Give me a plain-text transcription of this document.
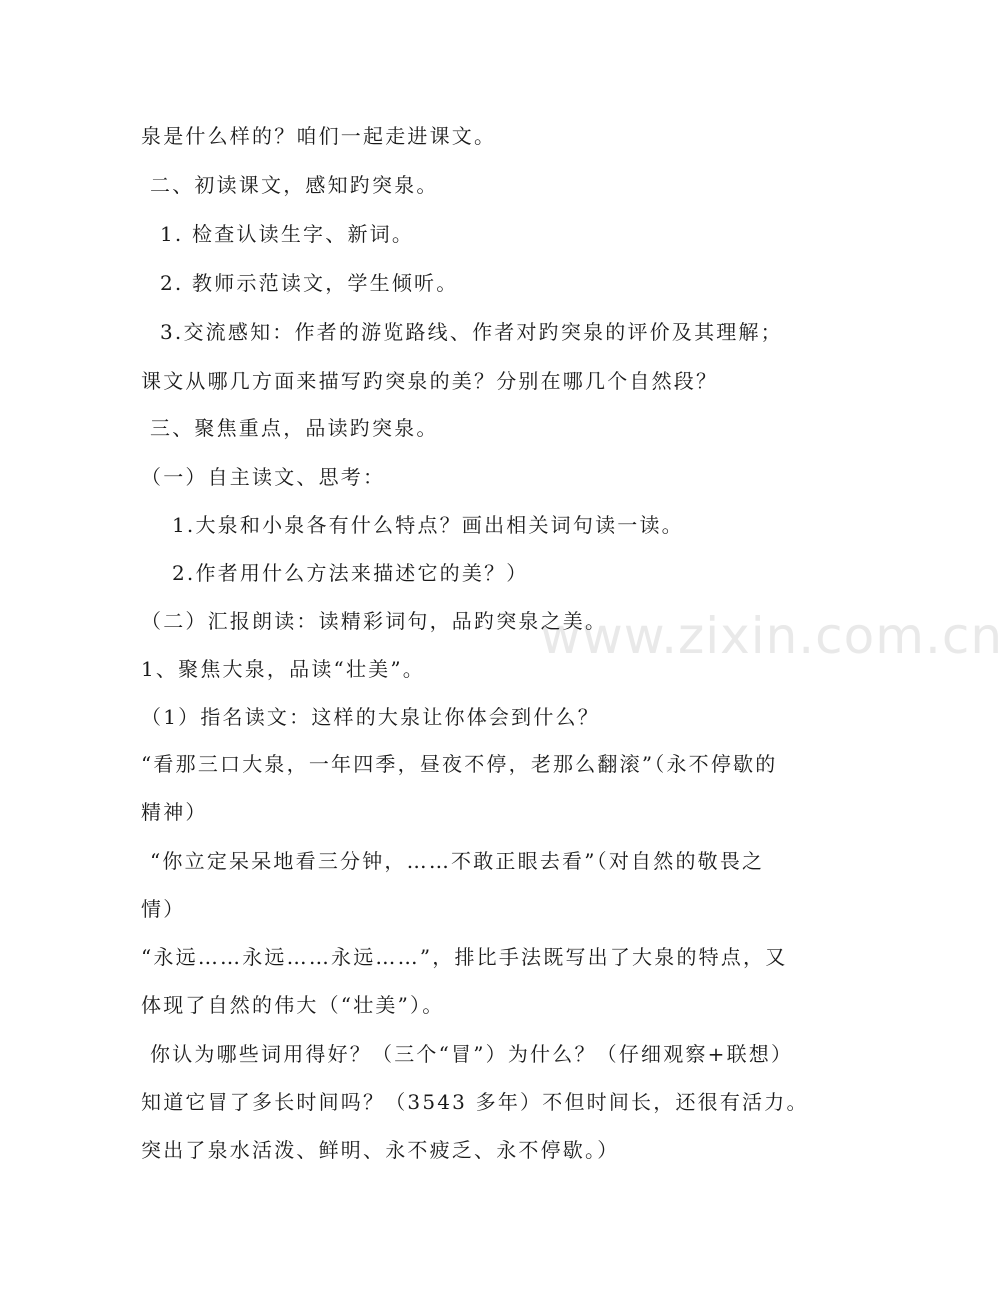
www.zixin.com.cn
泉是什么样的？咱们一起走进课文。
二、初读课文，感知趵突泉。
1. 检查认读生字、新词。
2. 教师示范读文，学生倾听。
3.交流感知：作者的游览路线、作者对趵突泉的评价及其理解；
课文从哪几方面来描写趵突泉的美？分别在哪几个自然段？
三、聚焦重点，品读趵突泉。
（一）自主读文、思考：
1.大泉和小泉各有什么特点？画出相关词句读一读。
2.作者用什么方法来描述它的美？）
（二）汇报朗读：读精彩词句，品趵突泉之美。
1、聚焦大泉，品读“壮美”。
（1）指名读文：这样的大泉让你体会到什么？
“看那三口大泉，一年四季，昼夜不停，老那么翻滚”（永不停歇的
精神）
“你立定呆呆地看三分钟，……不敢正眼去看”（对自然的敬畏之
情）
“永远……永远……永远……”，排比手法既写出了大泉的特点，又
体现了自然的伟大（“壮美”）。
你认为哪些词用得好？（三个“冒”）为什么？（仔细观察+联想）
知道它冒了多长时间吗？（3543 多年）不但时间长，还很有活力。
突出了泉水活泼、鲜明、永不疲乏、永不停歇。）
